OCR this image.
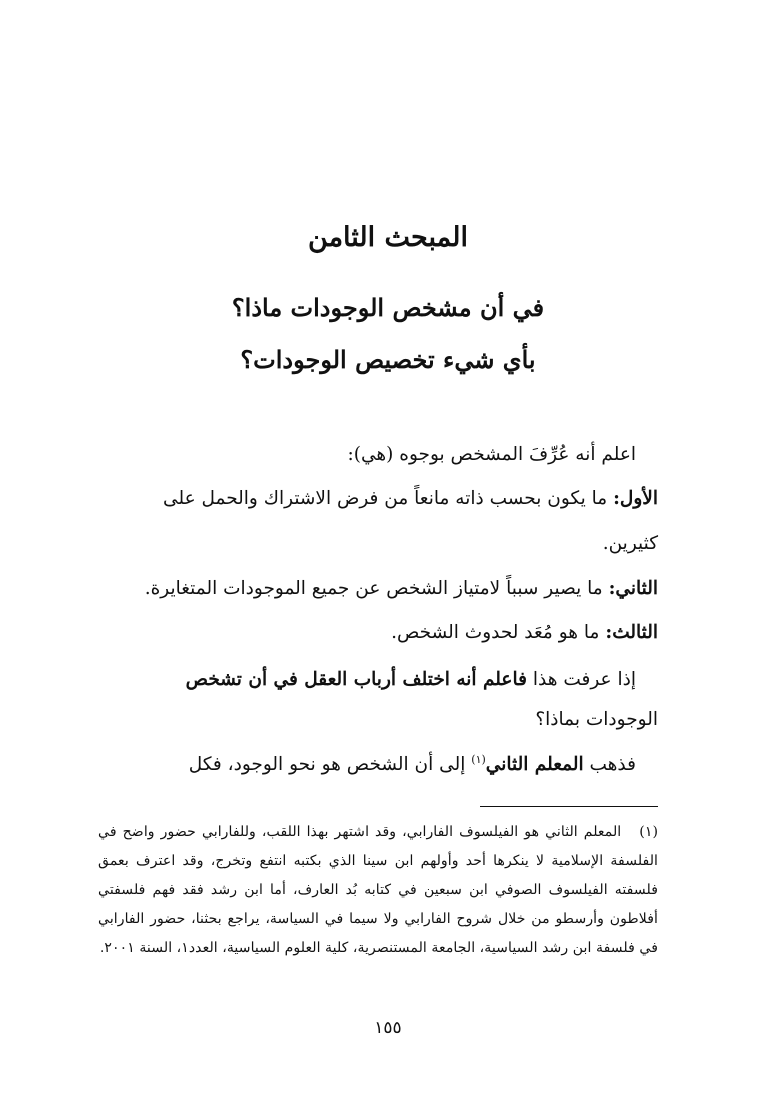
المبحث الثامن
في أن مشخص الوجودات ماذا؟
بأي شيء تخصيص الوجودات؟
اعلم أنه عُرِّفَ المشخص بوجوه (هي):
الأول: ما يكون بحسب ذاته مانعاً من فرض الاشتراك والحمل على
كثيرين.
الثاني: ما يصير سبباً لامتياز الشخص عن جميع الموجودات المتغايرة.
الثالث: ما هو مُعَد لحدوث الشخص.
إذا عرفت هذا فاعلم أنه اختلف أرباب العقل في أن تشخص
الوجودات بماذا؟
فذهب المعلم الثاني$^{(١)}$ إلى أن الشخص هو نحو الوجود، فكل
(١) المعلم الثاني هو الفيلسوف الفارابي، وقد اشتهر بهذا اللقب، وللفارابي حضور واضح في الفلسفة الإسلامية لا ينكرها أحد وأولهم ابن سينا الذي بكتبه انتفع وتخرج، وقد اعترف بعمق فلسفته الفيلسوف الصوفي ابن سبعين في كتابه بُد العارف، أما ابن رشد فقد فهم فلسفتي أفلاطون وأرسطو من خلال شروح الفارابي ولا سيما في السياسة، يراجع بحثنا، حضور الفارابي في فلسفة ابن رشد السياسية، الجامعة المستنصرية، كلية العلوم السياسية، العدد١، السنة ٢٠٠١.
١٥٥
